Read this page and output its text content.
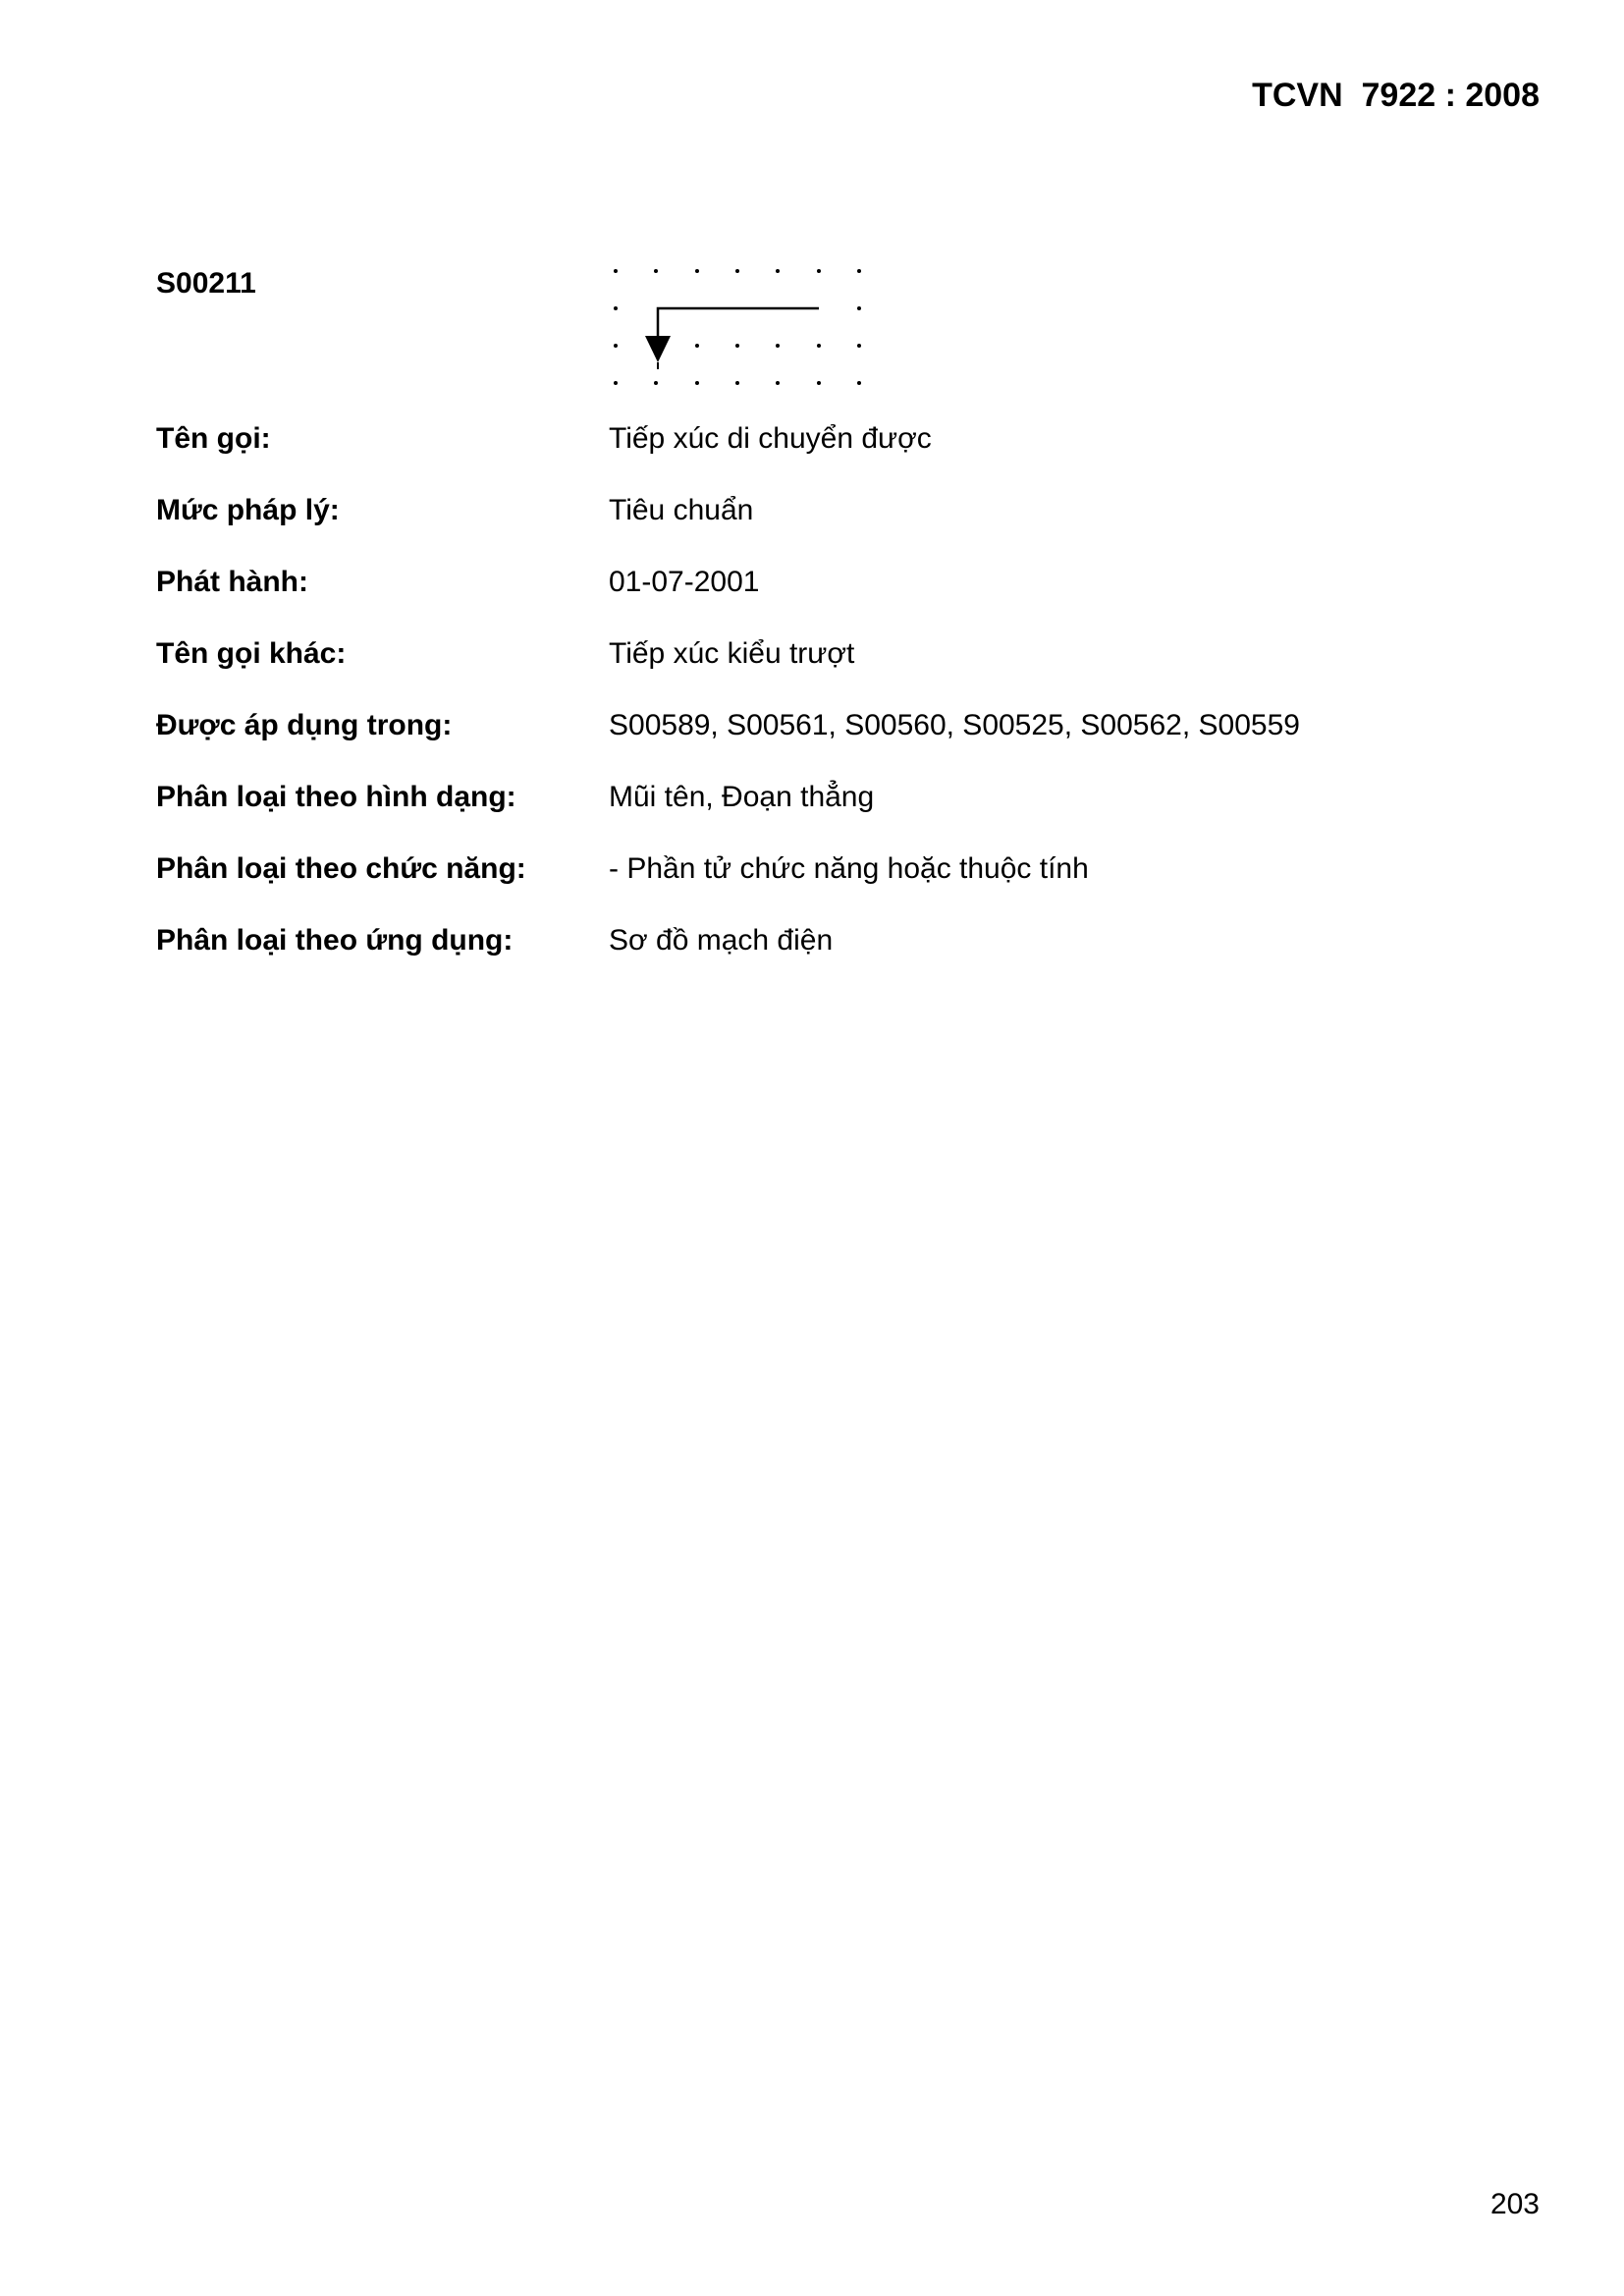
TCVN  7922 : 2008
S00211
Tên gọi:	Tiếp xúc di chuyển được
Mức pháp lý:	Tiêu chuẩn
Phát hành:	01-07-2001
Tên gọi khác:	Tiếp xúc kiểu trượt
Được áp dụng trong:	S00589, S00561, S00560, S00525, S00562, S00559
Phân loại theo hình dạng:	Mũi tên, Đoạn thẳng
Phân loại theo chức năng:	- Phần tử chức năng hoặc thuộc tính
Phân loại theo ứng dụng:	Sơ đồ mạch điện
203
